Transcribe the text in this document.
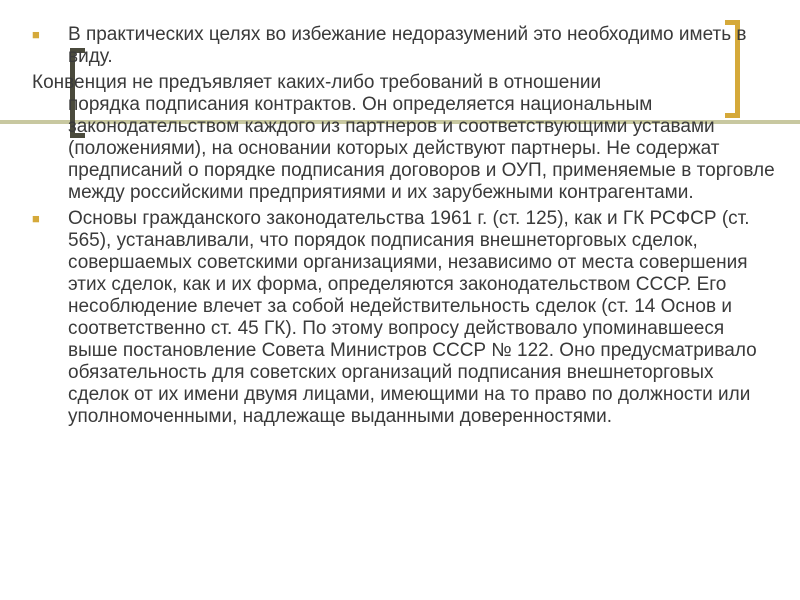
■ В практических целях во избежание недоразумений это необходимо иметь в виду.

Конвенция не предъявляет каких-либо требований в отношении

порядка подписания контрактов. Он определяется национальным законодательством каждого из партнеров и соответствующими уставами (положениями), на основании которых действуют партнеры. Не содержат предписаний о порядке подписания договоров и ОУП, применяемые в торговле между российскими предприятиями и их зарубежными контрагентами.

■ Основы гражданского законодательства 1961 г. (ст. 125), как и ГК РСФСР (ст. 565), устанавливали, что порядок подписания внешнеторговых сделок, совершаемых советскими организациями, независимо от места совершения этих сделок, как и их форма, определяются законодательством СССР. Его несоблюдение влечет за собой недействительность сделок (ст. 14 Основ и соответственно ст. 45 ГК). По этому вопросу действовало упоминавшееся выше постановление Совета Министров СССР № 122. Оно предусматривало обязательность для советских организаций подписания внешнеторговых сделок от их имени двумя лицами, имеющими на то право по должности или уполномоченными, надлежаще выданными доверенностями.
